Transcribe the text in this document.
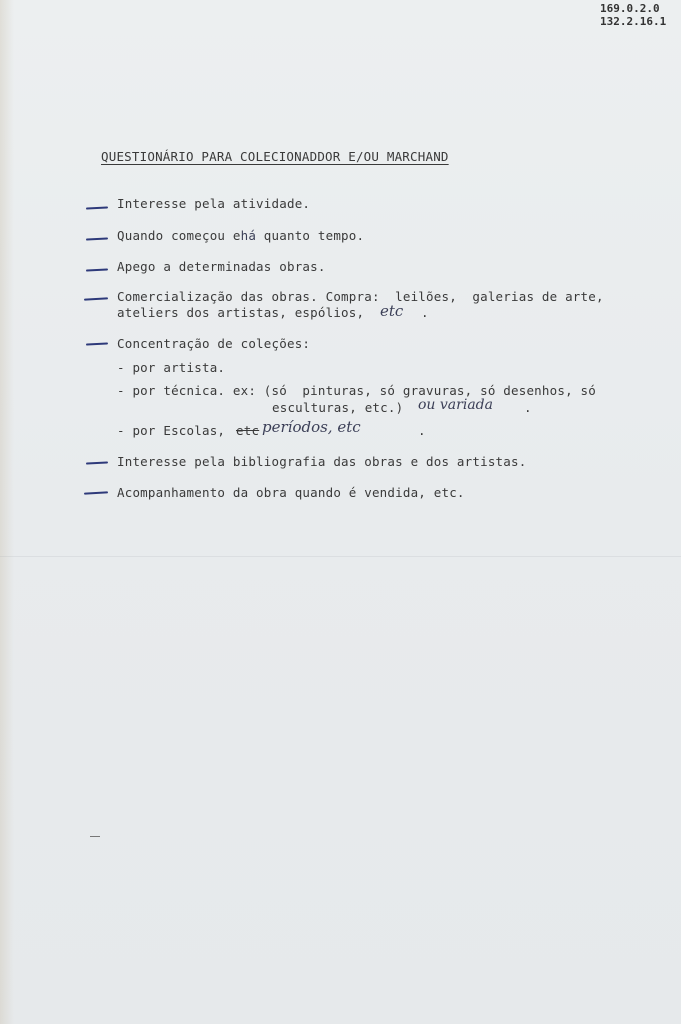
169.0.2.0
132.2.16.1
QUESTIONÁRIO PARA COLECIONADDOR E/OU MARCHAND
Interesse pela atividade.
Quando começou ehá quanto tempo.
Apego a determinadas obras.
Comercialização das obras. Compra:  leilões,  galerias de arte,
ateliers dos artistas, espólios, etc .
Concentração de coleções:
- por artista.
- por técnica. ex: (só  pinturas, só gravuras, só desenhos, só
esculturas, etc.) ou variada .
- por Escolas, etc períodos, etc	.
Interesse pela bibliografia das obras e dos artistas.
Acompanhamento da obra quando é vendida, etc.
